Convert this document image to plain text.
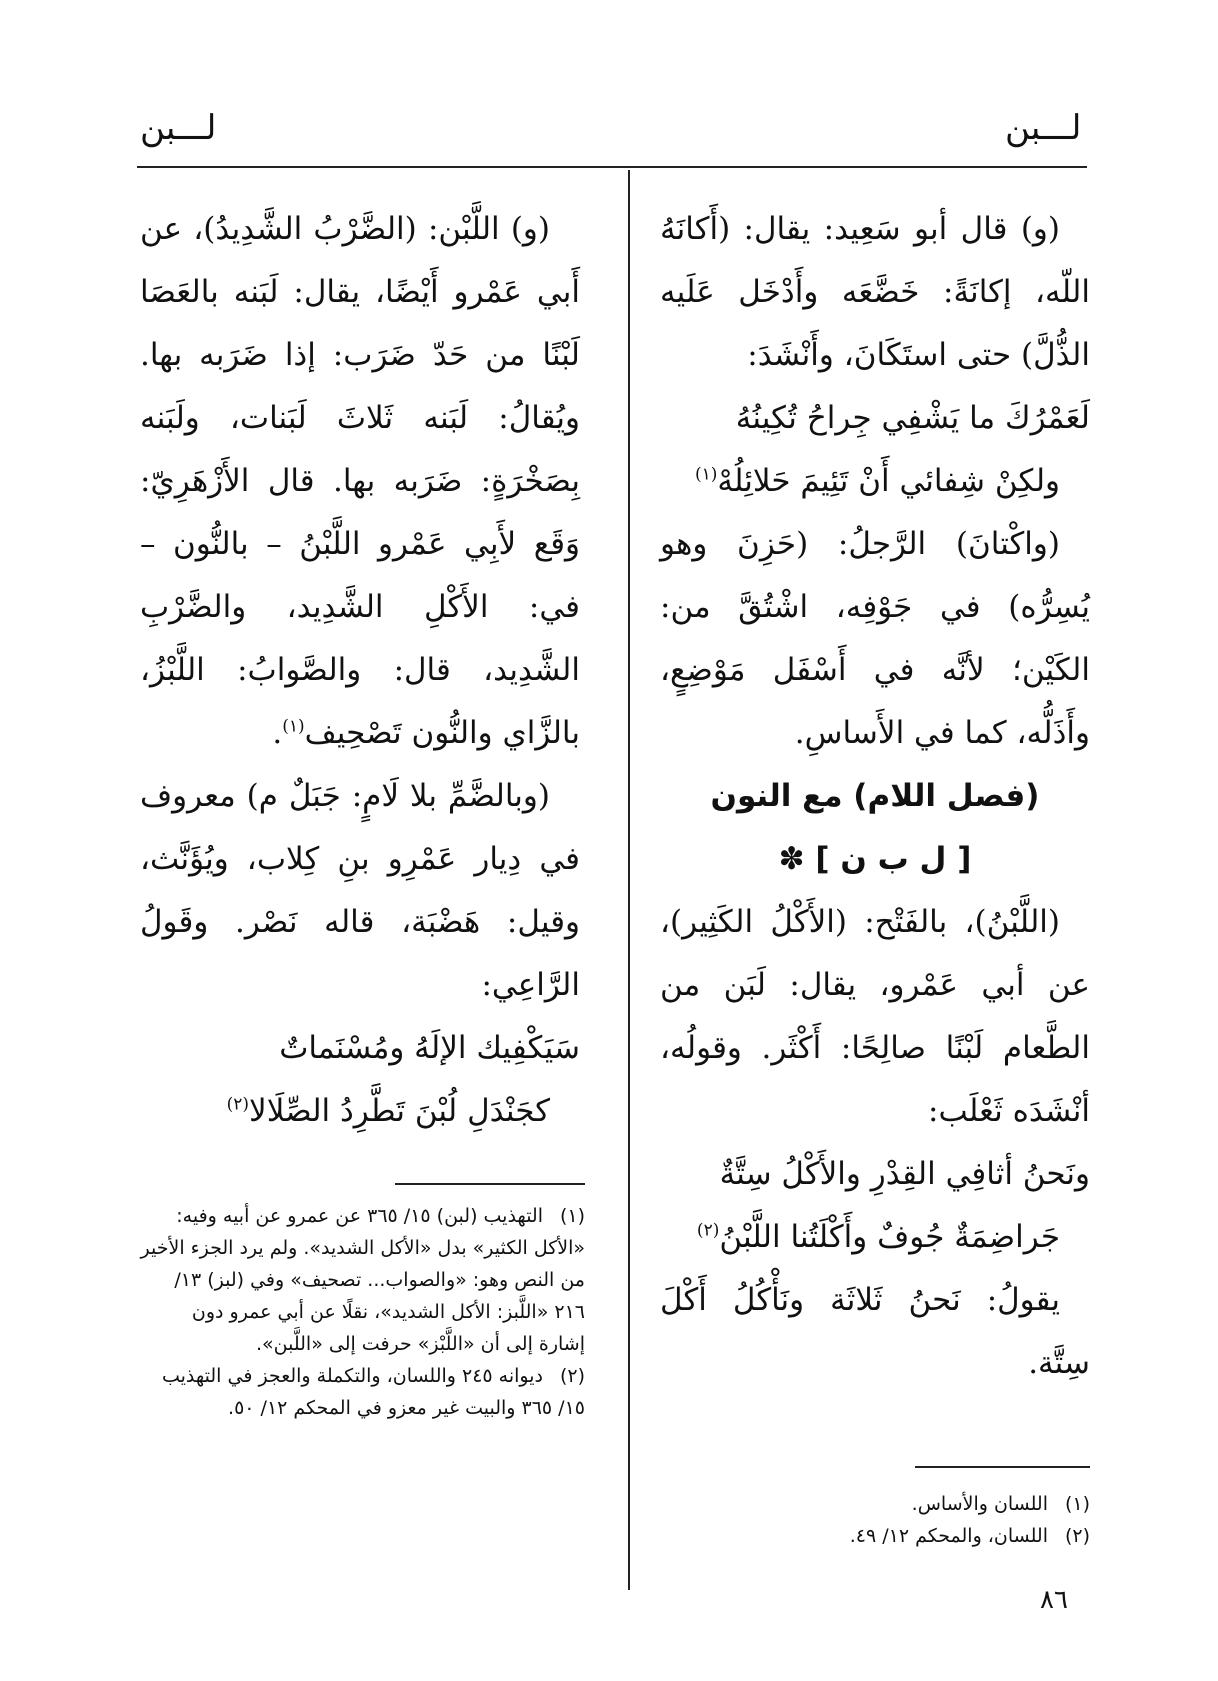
لـــبن
لـــبن

(و) قال أبو سَعِيد: يقال: (أَكانَهُ اللّه، إكانَةً: خَضَّعَه وأَدْخَل عَلَيه الذُّلَّ) حتى استَكَانَ، وأَنْشَدَ:

لَعَمْرُكَ ما يَشْفِي جِراحُ تُكِينُهُ

ولكِنْ شِفائي أَنْ تَئِيمَ حَلائِلُهْ$^{(١)}$

(واكْتانَ) الرَّجلُ: (حَزِنَ وهو يُسِرُّه) في جَوْفِه، اشْتُقَّ من: الكَيْن؛ لأنَّه في أَسْفَل مَوْضِعٍ، وأَذَلُّه، كما في الأَساسِ.

(فصل اللام) مع النون

[ ل ب ن ] ✽

(اللَّبْنُ)، بالفَتْح: (الأَكْلُ الكَثِير)، عن أبي عَمْرو، يقال: لَبَن من الطَّعام لَبْنًا صالِحًا: أَكْثَر. وقولُه، أنْشَدَه ثَعْلَب:

ونَحنُ أثافِي القِدْرِ والأَكْلُ سِتَّةٌ

جَراضِمَةٌ جُوفٌ وأَكْلَتُنا اللَّبْنُ$^{(٢)}$

يقولُ: نَحنُ ثَلاثَة ونَأْكُلُ أَكْلَ سِتَّة.

(و) اللَّبْن: (الضَّرْبُ الشَّدِيدُ)، عن أَبي عَمْرو أَيْضًا، يقال: لَبَنه بالعَصَا لَبْنًا من حَدّ ضَرَب: إذا ضَرَبه بها. ويُقالُ: لَبَنه ثَلاثَ لَبَنات، ولَبَنه بِصَخْرَةٍ: ضَرَبه بها. قال الأَزْهَرِيّ: وَقَع لأَبِي عَمْرو اللَّبْنُ – بالنُّون – في: الأَكْلِ الشَّدِيد، والضَّرْبِ الشَّدِيد، قال: والصَّوابُ: اللَّبْزُ، بالزَّاي والنُّون تَصْحِيف$^{(١)}$.

(وبالضَّمِّ بلا لَامٍ: جَبَلٌ م) معروف في دِيار عَمْرِو بنِ كِلاب، ويُؤَنَّث، وقيل: هَضْبَة، قاله نَصْر. وقَولُ الرَّاعِي:

سَيَكْفِيك الإلَهُ ومُسْنَماتٌ

كجَنْدَلِ لُبْنَ تَطَّرِدُ الصِّلَالا$^{(٢)}$

(١)التهذيب (لبن) ١٥/ ٣٦٥ عن عمرو عن أبيه وفيه: «الأكل الكثير» بدل «الأكل الشديد». ولم يرد الجزء الأخير من النص وهو: «والصواب... تصحيف» وفي (لبز) ١٣/ ٢١٦ «اللَّبز: الأكل الشديد»، نقلًا عن أبي عمرو دون إشارة إلى أن «اللَّبْز» حرفت إلى «اللَّبن».

(٢)ديوانه ٢٤٥ واللسان، والتكملة والعجز في التهذيب ١٥/ ٣٦٥ والبيت غير معزو في المحكم ١٢/ ٥٠.

(١)اللسان والأساس.

(٢)اللسان، والمحكم ١٢/ ٤٩.

٨٦
